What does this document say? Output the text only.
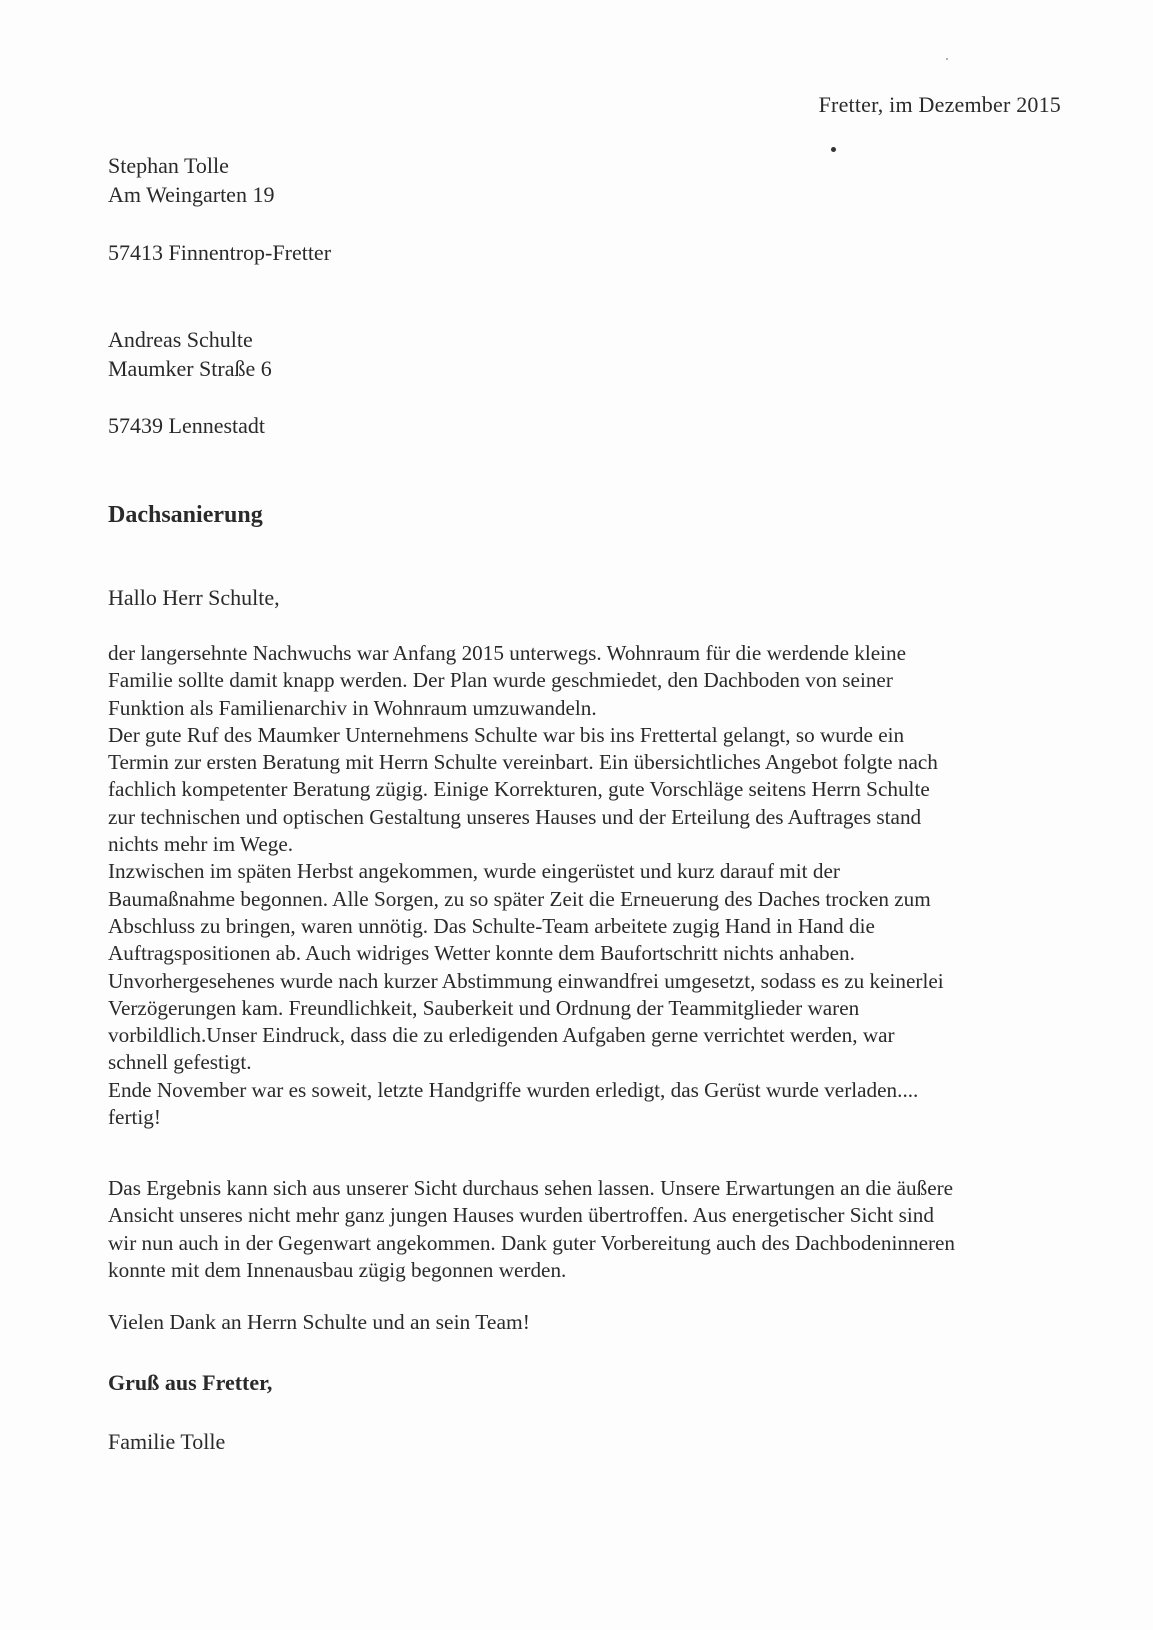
Fretter, im Dezember 2015
Stephan Tolle
Am Weingarten 19
57413 Finnentrop-Fretter
Andreas Schulte
Maumker Straße 6
57439 Lennestadt
Dachsanierung
Hallo Herr Schulte,
der langersehnte Nachwuchs war Anfang 2015 unterwegs. Wohnraum für die werdende kleine
Familie sollte damit knapp werden. Der Plan wurde geschmiedet, den Dachboden von seiner
Funktion als Familienarchiv in Wohnraum umzuwandeln.
Der gute Ruf des Maumker Unternehmens Schulte war bis ins Frettertal gelangt, so wurde ein
Termin zur ersten Beratung mit Herrn Schulte vereinbart. Ein übersichtliches Angebot folgte nach
fachlich kompetenter Beratung zügig. Einige Korrekturen, gute Vorschläge seitens Herrn Schulte
zur technischen und optischen Gestaltung unseres Hauses und der Erteilung des Auftrages stand
nichts mehr im Wege.
Inzwischen im späten Herbst angekommen, wurde eingerüstet und kurz darauf mit der
Baumaßnahme begonnen. Alle Sorgen, zu so später Zeit die Erneuerung des Daches trocken zum
Abschluss zu bringen, waren unnötig. Das Schulte-Team arbeitete zugig Hand in Hand die
Auftragspositionen ab. Auch widriges Wetter konnte dem Baufortschritt nichts anhaben.
Unvorhergesehenes wurde nach kurzer Abstimmung einwandfrei umgesetzt, sodass es zu keinerlei
Verzögerungen kam. Freundlichkeit, Sauberkeit und Ordnung der Teammitglieder waren
vorbildlich.Unser Eindruck, dass die zu erledigenden Aufgaben gerne verrichtet werden, war
schnell gefestigt.
Ende November war es soweit, letzte Handgriffe wurden erledigt, das Gerüst wurde verladen....
fertig!
Das Ergebnis kann sich aus unserer Sicht durchaus sehen lassen. Unsere Erwartungen an die äußere
Ansicht unseres nicht mehr ganz jungen Hauses wurden übertroffen. Aus energetischer Sicht sind
wir nun auch in der Gegenwart angekommen. Dank guter Vorbereitung auch des Dachbodeninneren
konnte mit dem Innenausbau zügig begonnen werden.
Vielen Dank an Herrn Schulte und an sein Team!
Gruß aus Fretter,
Familie Tolle
